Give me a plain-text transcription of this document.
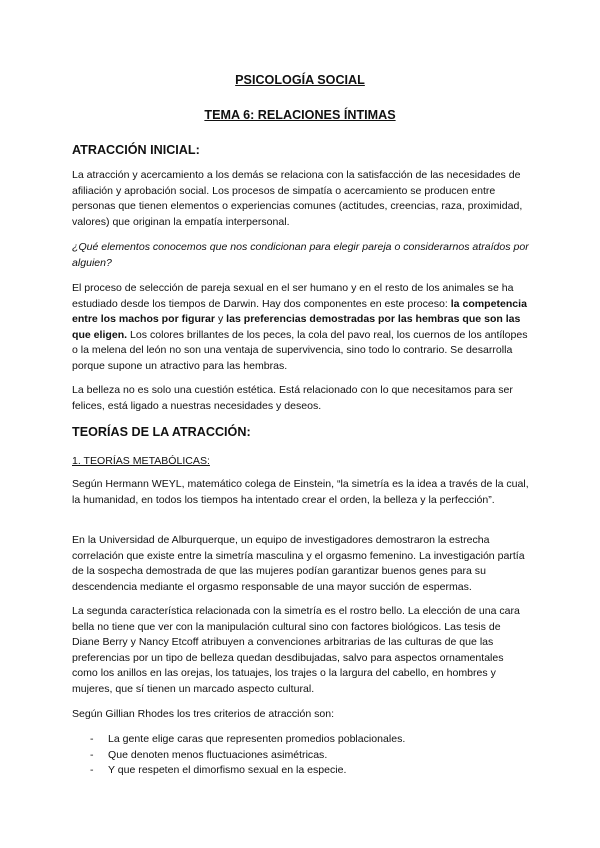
PSICOLOGÍA SOCIAL
TEMA 6: RELACIONES ÍNTIMAS
ATRACCIÓN INICIAL:

La atracción y acercamiento a los demás se relaciona con la satisfacción de las necesidades de afiliación y aprobación social. Los procesos de simpatía o acercamiento se producen entre personas que tienen elementos o experiencias comunes (actitudes, creencias, raza, proximidad, valores) que originan la empatía interpersonal.

¿Qué elementos conocemos que nos condicionan para elegir pareja o considerarnos atraídos por alguien?

El proceso de selección de pareja sexual en el ser humano y en el resto de los animales se ha estudiado desde los tiempos de Darwin. Hay dos componentes en este proceso: la competencia entre los machos por figurar y las preferencias demostradas por las hembras que son las que eligen. Los colores brillantes de los peces, la cola del pavo real, los cuernos de los antílopes o la melena del león no son una ventaja de supervivencia, sino todo lo contrario. Se desarrolla porque supone un atractivo para las hembras.

La belleza no es solo una cuestión estética. Está relacionado con lo que necesitamos para ser felices, está ligado a nuestras necesidades y deseos.

TEORÍAS DE LA ATRACCIÓN:
1. TEORÍAS METABÓLICAS:

Según Hermann WEYL, matemático colega de Einstein, “la simetría es la idea a través de la cual, la humanidad, en todos los tiempos ha intentado crear el orden, la belleza y la perfección”.

En la Universidad de Alburquerque, un equipo de investigadores demostraron la estrecha correlación que existe entre la simetría masculina y el orgasmo femenino. La investigación partía de la sospecha demostrada de que las mujeres podían garantizar buenos genes para su descendencia mediante el orgasmo responsable de una mayor succión de espermas.

La segunda característica relacionada con la simetría es el rostro bello. La elección de una cara bella no tiene que ver con la manipulación cultural sino con factores biológicos. Las tesis de Diane Berry y Nancy Etcoff atribuyen a convenciones arbitrarias de las culturas de que las preferencias por un tipo de belleza quedan desdibujadas, salvo para aspectos ornamentales como los anillos en las orejas, los tatuajes, los trajes o la largura del cabello, en hombres y mujeres, que sí tienen un marcado aspecto cultural.

Según Gillian Rhodes los tres criterios de atracción son:

- La gente elige caras que representen promedios poblacionales.
- Que denoten menos fluctuaciones asimétricas.
- Y que respeten el dimorfismo sexual en la especie.
